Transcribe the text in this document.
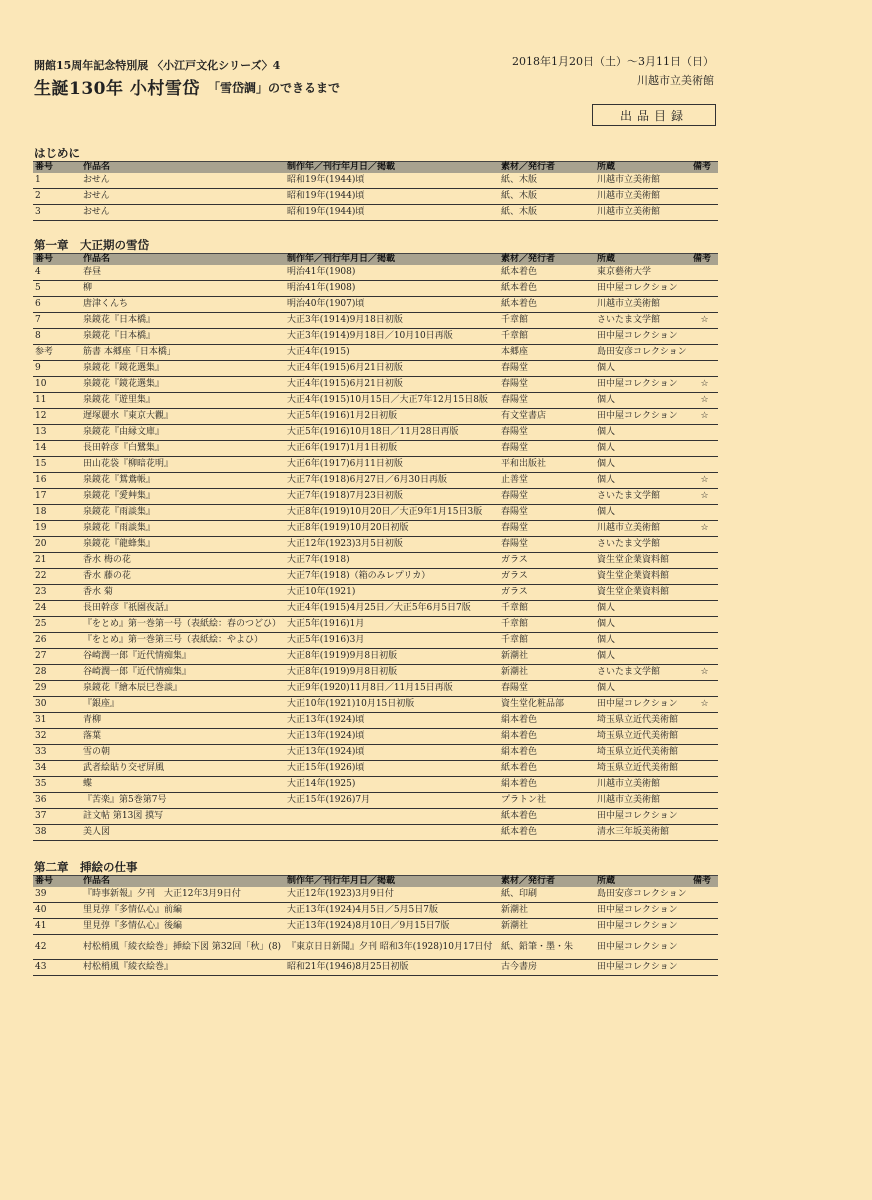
開館15周年記念特別展 〈小江戸文化シリーズ〉4
生誕130年 小村雪岱 「雪岱調」のできるまで
2018年1月20日（土）～3月11日（日）
川越市立美術館
出品目録
はじめに
番号	作品名	制作年／刊行年月日／掲載	素材／発行者	所蔵	備考
1	おせん	昭和19年(1944)頃	紙、木版	川越市立美術館	
2	おせん	昭和19年(1944)頃	紙、木版	川越市立美術館	
3	おせん	昭和19年(1944)頃	紙、木版	川越市立美術館	
第一章　大正期の雪岱
番号	作品名	制作年／刊行年月日／掲載	素材／発行者	所蔵	備考
4	春昼	明治41年(1908)	紙本着色	東京藝術大学	
5	柳	明治41年(1908)	紙本着色	田中屋コレクション	
6	唐津くんち	明治40年(1907)頃	紙本着色	川越市立美術館	
7	泉鏡花『日本橋』	大正3年(1914)9月18日初版	千章館	さいたま文学館	☆
8	泉鏡花『日本橋』	大正3年(1914)9月18日／10月10日再版	千章館	田中屋コレクション	
参考	筋書 本郷座「日本橋」	大正4年(1915)	本郷座	島田安彦コレクション	
9	泉鏡花『鏡花選集』	大正4年(1915)6月21日初版	春陽堂	個人	
10	泉鏡花『鏡花選集』	大正4年(1915)6月21日初版	春陽堂	田中屋コレクション	☆
11	泉鏡花『遊里集』	大正4年(1915)10月15日／大正7年12月15日8版	春陽堂	個人	☆
12	遅塚麗水『東京大觀』	大正5年(1916)1月2日初版	有文堂書店	田中屋コレクション	☆
13	泉鏡花『由縁文庫』	大正5年(1916)10月18日／11月28日再版	春陽堂	個人	
14	長田幹彦『白鷺集』	大正6年(1917)1月1日初版	春陽堂	個人	
15	田山花袋『柳暗花明』	大正6年(1917)6月11日初版	平和出版社	個人	
16	泉鏡花『鴛鴦帳』	大正7年(1918)6月27日／6月30日再版	止善堂	個人	☆
17	泉鏡花『愛艸集』	大正7年(1918)7月23日初版	春陽堂	さいたま文学館	☆
18	泉鏡花『雨談集』	大正8年(1919)10月20日／大正9年1月15日3版	春陽堂	個人	
19	泉鏡花『雨談集』	大正8年(1919)10月20日初版	春陽堂	川越市立美術館	☆
20	泉鏡花『龍蜂集』	大正12年(1923)3月5日初版	春陽堂	さいたま文学館	
21	香水 梅の花	大正7年(1918)	ガラス	資生堂企業資料館	
22	香水 藤の花	大正7年(1918)（箱のみレプリカ）	ガラス	資生堂企業資料館	
23	香水 菊	大正10年(1921)	ガラス	資生堂企業資料館	
24	長田幹彦『祇園夜話』	大正4年(1915)4月25日／大正5年6月5日7版	千章館	個人	
25	『をとめ』第一巻第一号（表紙絵：春のつどひ）	大正5年(1916)1月	千章館	個人	
26	『をとめ』第一巻第三号（表紙絵：やよひ）	大正5年(1916)3月	千章館	個人	
27	谷崎潤一郎『近代情痴集』	大正8年(1919)9月8日初版	新潮社	個人	
28	谷崎潤一郎『近代情痴集』	大正8年(1919)9月8日初版	新潮社	さいたま文学館	☆
29	泉鏡花『繪本辰巳巻談』	大正9年(1920)11月8日／11月15日再版	春陽堂	個人	
30	『銀座』	大正10年(1921)10月15日初版	資生堂化粧品部	田中屋コレクション	☆
31	青柳	大正13年(1924)頃	絹本着色	埼玉県立近代美術館	
32	落葉	大正13年(1924)頃	絹本着色	埼玉県立近代美術館	
33	雪の朝	大正13年(1924)頃	絹本着色	埼玉県立近代美術館	
34	武者絵貼り交ぜ屏風	大正15年(1926)頃	紙本着色	埼玉県立近代美術館	
35	蝶	大正14年(1925)	絹本着色	川越市立美術館	
36	『苦楽』第5巻第7号	大正15年(1926)7月	プラトン社	川越市立美術館	
37	註文帖 第13図 摸写		紙本着色	田中屋コレクション	
38	美人図		紙本着色	清水三年坂美術館	
第二章　挿絵の仕事
番号	作品名	制作年／刊行年月日／掲載	素材／発行者	所蔵	備考
39	『時事新報』夕刊　大正12年3月9日付	大正12年(1923)3月9日付	紙、印刷	島田安彦コレクション	
40	里見弴『多情仏心』前編	大正13年(1924)4月5日／5月5日7版	新潮社	田中屋コレクション	
41	里見弴『多情仏心』後編	大正13年(1924)8月10日／9月15日7版	新潮社	田中屋コレクション	
42	村松梢風「綾衣絵巻」挿絵下図 第32回「秋」(8)	『東京日日新聞』夕刊 昭和3年(1928)10月17日付	紙、鉛筆・墨・朱	田中屋コレクション	
43	村松梢風『綾衣絵巻』	昭和21年(1946)8月25日初版	古今書房	田中屋コレクション	
